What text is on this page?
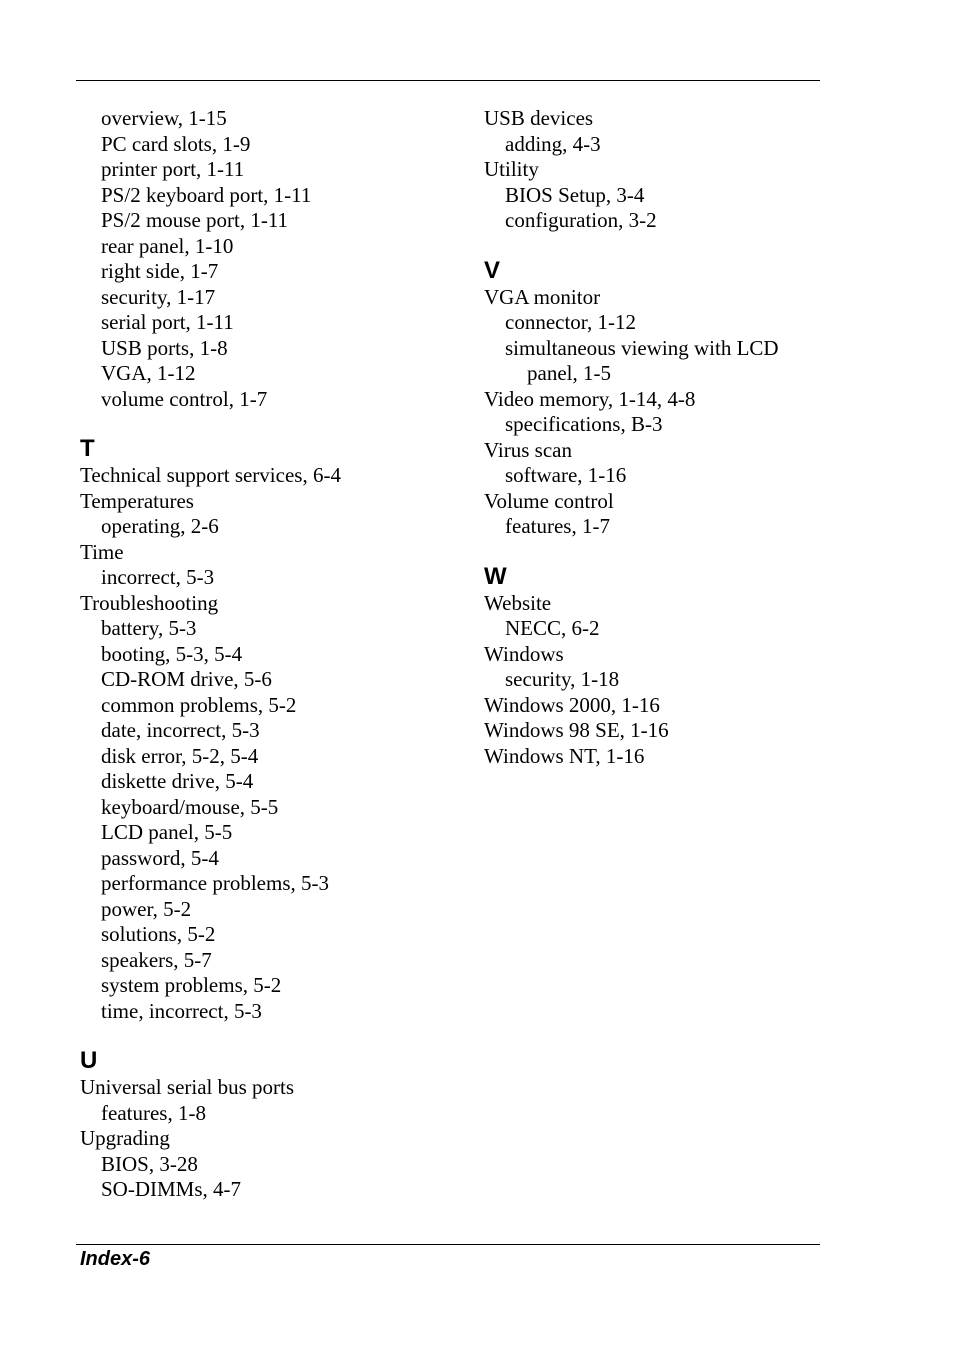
overview, 1-15
PC card slots, 1-9
printer port, 1-11
PS/2 keyboard port, 1-11
PS/2 mouse port, 1-11
rear panel, 1-10
right side, 1-7
security, 1-17
serial port, 1-11
USB ports, 1-8
VGA, 1-12
volume control, 1-7
T
Technical support services, 6-4
Temperatures
operating, 2-6
Time
incorrect, 5-3
Troubleshooting
battery, 5-3
booting, 5-3, 5-4
CD-ROM drive, 5-6
common problems, 5-2
date, incorrect, 5-3
disk error, 5-2, 5-4
diskette drive, 5-4
keyboard/mouse, 5-5
LCD panel, 5-5
password, 5-4
performance problems, 5-3
power, 5-2
solutions, 5-2
speakers, 5-7
system problems, 5-2
time, incorrect, 5-3
U
Universal serial bus ports
features, 1-8
Upgrading
BIOS, 3-28
SO-DIMMs, 4-7
USB devices
adding, 4-3
Utility
BIOS Setup, 3-4
configuration, 3-2
V
VGA monitor
connector, 1-12
simultaneous viewing with LCD
panel, 1-5
Video memory, 1-14, 4-8
specifications, B-3
Virus scan
software, 1-16
Volume control
features, 1-7
W
Website
NECC, 6-2
Windows
security, 1-18
Windows 2000, 1-16
Windows 98 SE, 1-16
Windows NT, 1-16
Index-6
